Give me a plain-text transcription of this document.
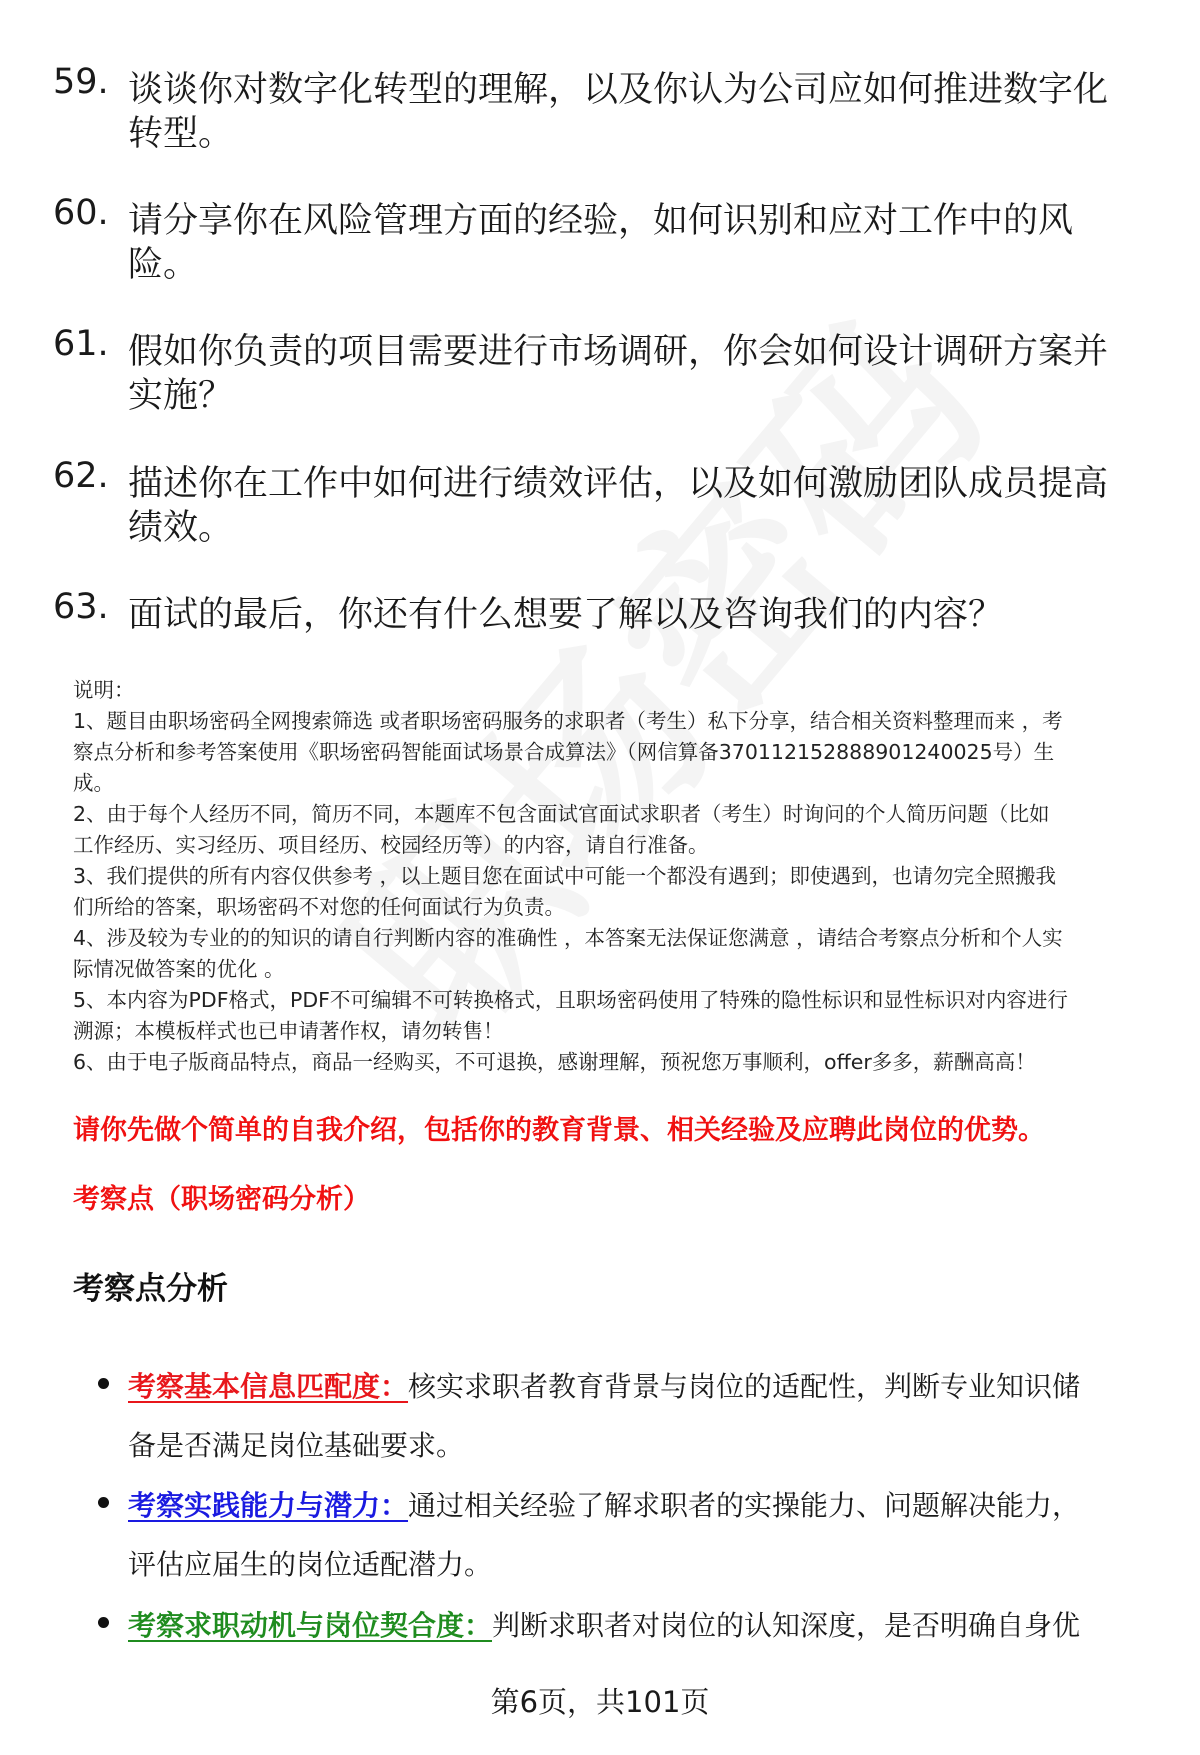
59. 谈谈你对数字化转型的理解，以及你认为公司应如何推进数字化
转型。
60. 请分享你在风险管理方面的经验，如何识别和应对工作中的风
险。
61. 假如你负责的项目需要进行市场调研，你会如何设计调研方案并
实施？
62. 描述你在工作中如何进行绩效评估，以及如何激励团队成员提高
绩效。
63. 面试的最后，你还有什么想要了解以及咨询我们的内容？
说明：
1、题目由职场密码全网搜索筛选 或者职场密码服务的求职者（考生）私下分享，结合相关资料整理而来 ，考
察点分析和参考答案使用《职场密码智能面试场景合成算法》（网信算备370112152888901240025号）生
成。
2、由于每个人经历不同，简历不同，本题库不包含面试官面试求职者（考生）时询问的个人简历问题（比如
工作经历、实习经历、项目经历、校园经历等）的内容，请自行准备。
3、我们提供的所有内容仅供参考 ，以上题目您在面试中可能一个都没有遇到；即使遇到，也请勿完全照搬我
们所给的答案，职场密码不对您的任何面试行为负责。
4、涉及较为专业的的知识的请自行判断内容的准确性 ，本答案无法保证您满意 ，请结合考察点分析和个人实
际情况做答案的优化 。
5、本内容为PDF格式，PDF不可编辑不可转换格式，且职场密码使用了特殊的隐性标识和显性标识对内容进行
溯源；本模板样式也已申请著作权，请勿转售！
6、由于电子版商品特点，商品一经购买，不可退换，感谢理解，预祝您万事顺利，offer多多，薪酬高高！
请你先做个简单的自我介绍，包括你的教育背景、相关经验及应聘此岗位的优势。
考察点（职场密码分析）
考察点分析
考察基本信息匹配度：核实求职者教育背景与岗位的适配性，判断专业知识储
备是否满足岗位基础要求。
考察实践能力与潜力：通过相关经验了解求职者的实操能力、问题解决能力，
评估应届生的岗位适配潜力。
考察求职动机与岗位契合度：判断求职者对岗位的认知深度，是否明确自身优
第6页，共101页
